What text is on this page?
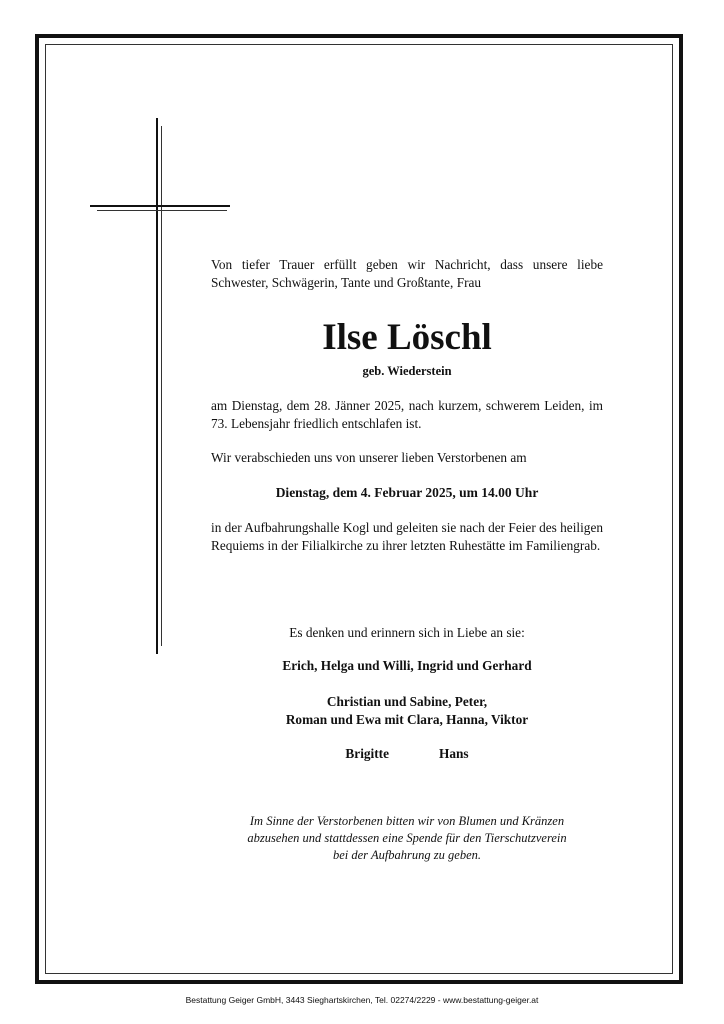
Von tiefer Trauer erfüllt geben wir Nachricht, dass unsere liebe Schwester, Schwägerin, Tante und Großtante, Frau
Ilse Löschl
geb. Wiederstein
am Dienstag, dem 28. Jänner 2025, nach kurzem, schwerem Leiden, im 73. Lebensjahr friedlich entschlafen ist.
Wir verabschieden uns von unserer lieben Verstorbenen am
Dienstag, dem 4. Februar 2025, um 14.00 Uhr
in der Aufbahrungshalle Kogl und geleiten sie nach der Feier des heiligen Requiems in der Filialkirche zu ihrer letzten Ruhestätte im Familiengrab.
Es denken und erinnern sich in Liebe an sie:
Erich, Helga und Willi, Ingrid und Gerhard
Christian und Sabine, Peter,
Roman und Ewa mit Clara, Hanna, Viktor
Brigitte	Hans
Im Sinne der Verstorbenen bitten wir von Blumen und Kränzen
abzusehen und stattdessen eine Spende für den Tierschutzverein
bei der Aufbahrung zu geben.
Bestattung Geiger GmbH, 3443 Sieghartskirchen, Tel. 02274/2229 - www.bestattung-geiger.at
